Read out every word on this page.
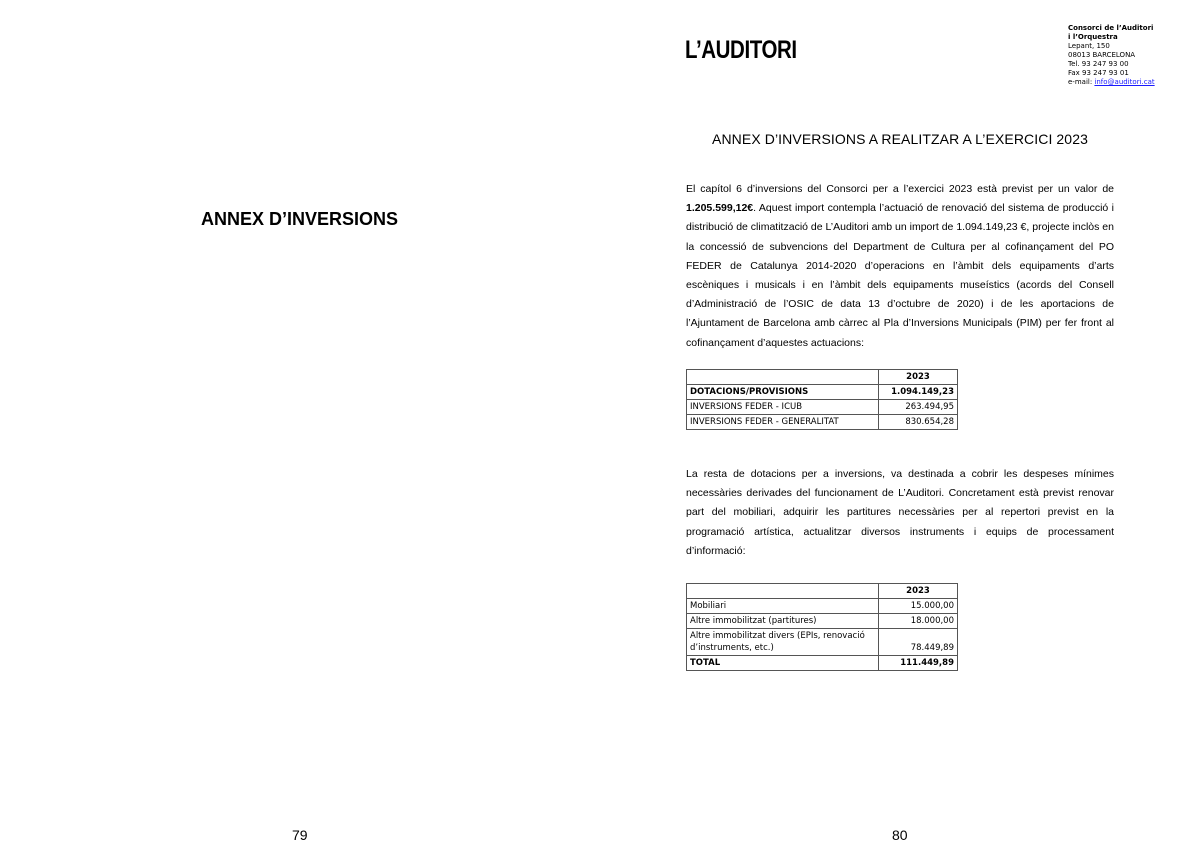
ANNEX D’INVERSIONS
79
L’AUDITORI
Consorci de l’Auditori
i l’Orquestra
Lepant, 150
08013 BARCELONA
Tel. 93 247 93 00
Fax 93 247 93 01
e-mail: info@auditori.cat
ANNEX D’INVERSIONS A REALITZAR A L’EXERCICI 2023
El capítol 6 d’inversions del Consorci per a l’exercici 2023 està previst per un valor de 1.205.599,12€. Aquest import contempla l’actuació de renovació del sistema de producció i distribució de climatització de L’Auditori amb un import de 1.094.149,23 €, projecte inclòs en la concessió de subvencions del Department de Cultura per al cofinançament del PO FEDER de Catalunya 2014-2020 d’operacions en l’àmbit dels equipaments d’arts escèniques i musicals i en l’àmbit dels equipaments museístics (acords del Consell d’Administració de l’OSIC de data 13 d’octubre de 2020) i de les aportacions de l’Ajuntament de Barcelona amb càrrec al Pla d’Inversions Municipals (PIM) per fer front al cofinançament d’aquestes actuacions:
	2023
DOTACIONS/PROVISIONS	1.094.149,23
INVERSIONS FEDER - ICUB	263.494,95
INVERSIONS FEDER - GENERALITAT	830.654,28
La resta de dotacions per a inversions, va destinada a cobrir les despeses mínimes necessàries derivades del funcionament de L’Auditori. Concretament està previst renovar part del mobiliari, adquirir les partitures necessàries per al repertori previst en la programació artística, actualitzar diversos instruments i equips de processament d’informació:
	2023
Mobiliari	15.000,00
Altre immobilitzat (partitures)	18.000,00
Altre immobilitzat divers (EPIs, renovació
d’instruments, etc.)	78.449,89
TOTAL	111.449,89
80
